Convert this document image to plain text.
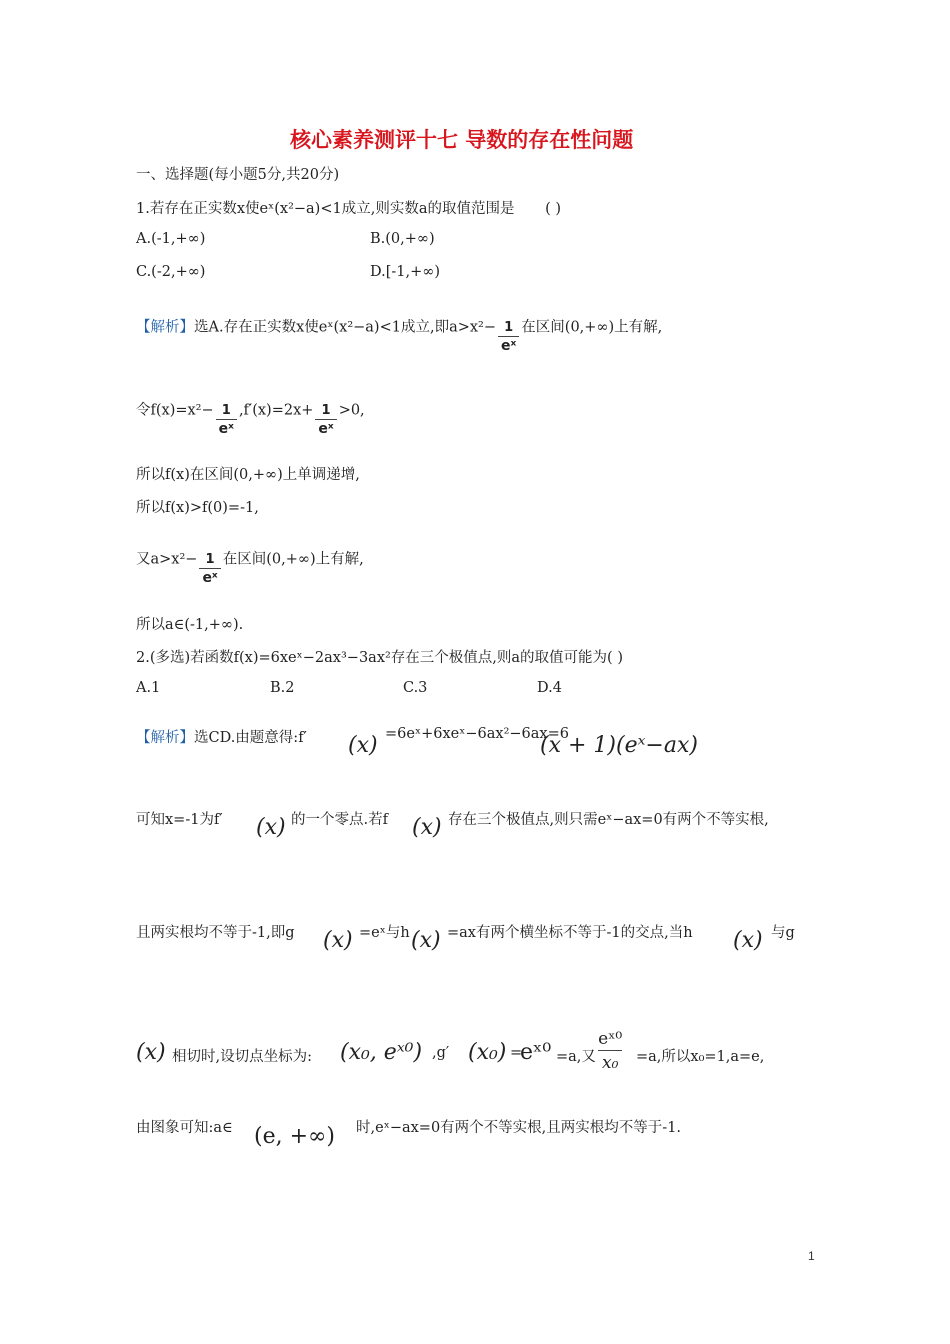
核心素养测评十七 导数的存在性问题
一、选择题(每小题5分,共20分)
1.若存在正实数x使eˣ(x²−a)<1成立,则实数a的取值范围是 ( )
A.(-1,+∞)	B.(0,+∞)
C.(-2,+∞)	D.[-1,+∞)
【解析】选A.存在正实数x使eˣ(x²−a)<1成立,即$a>x^2- \frac{1}{\text{eˣ}}$ 在区间(0,+∞)上有解,
令$f(x)=x^2- \frac{1}{\text{eˣ}} ,f'(x)=2x+ \frac{1}{\text{eˣ}} >0$,
所以f(x)在区间(0,+∞)上单调递增,
所以f(x)>f(0)=-1,
又$a>x^2- \frac{1}{\text{eˣ}}$ 在区间(0,+∞)上有解,
所以a∈(-1,+∞).
2.(多选)若函数f(x)=6xeˣ−2ax³−3ax²存在三个极值点,则a的取值可能为( )
A.1	B.2	C.3	D.4
【解析】选CD.由题意得:f′ (x) =6eˣ+6xeˣ−6ax²−6ax=6
(x + 1)(eˣ−ax)
可知x=-1为f′ (x) 的一个零点.若f (x) 存在三个极值点,则只需eˣ−ax=0有两个不等实根,
且两实根均不等于-1,即g (x) =eˣ与h (x) =ax有两个横坐标不等于-1的交点,当h (x) 与g
(x) 相切时,设切点坐标为: (x₀, eˣ⁰) ,g′ (x₀) =
eˣ⁰ =a,又
eˣ⁰
x₀ =a,所以x₀=1,a=e,
由图象可知:a∈ (e, +∞) 时,eˣ−ax=0有两个不等实根,且两实根均不等于-1.
1
